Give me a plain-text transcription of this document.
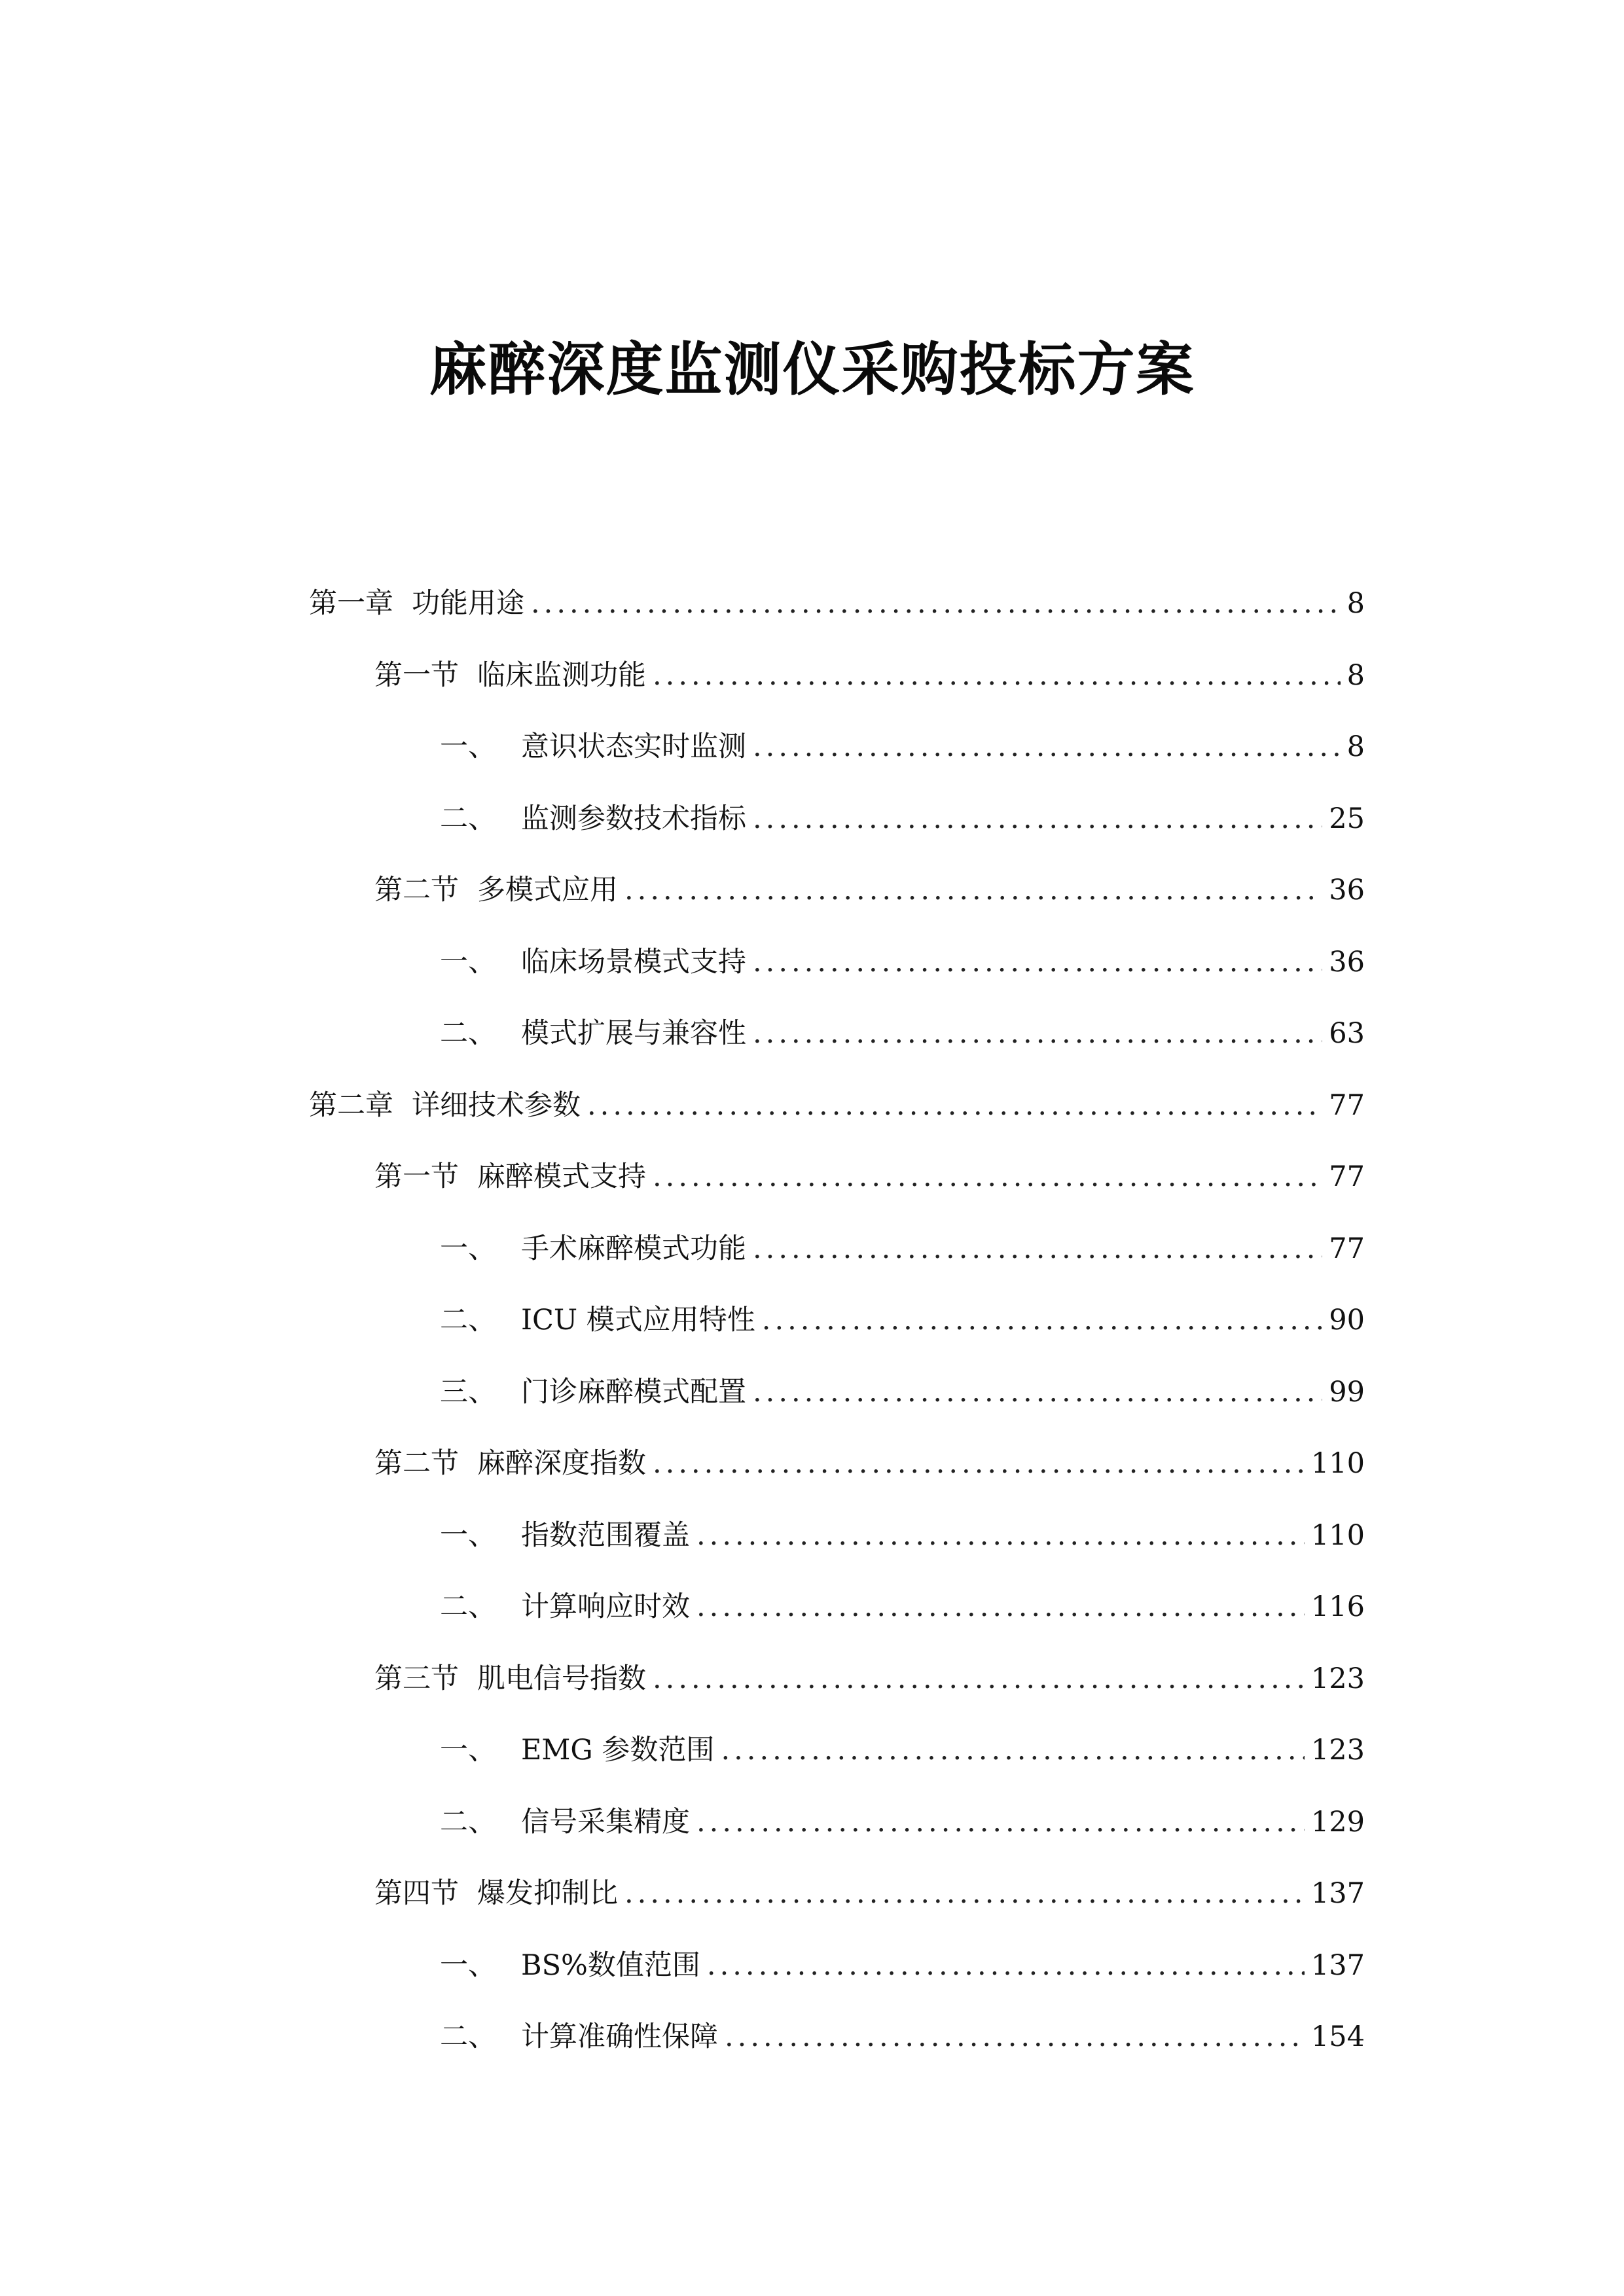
麻醉深度监测仪采购投标方案
第一章 功能用途 .....	8
第一节 临床监测功能 .....	8
一、 意识状态实时监测 .....	8
二、 监测参数技术指标 .....	25
第二节 多模式应用 .....	36
一、 临床场景模式支持 .....	36
二、 模式扩展与兼容性 .....	63
第二章 详细技术参数 .....	77
第一节 麻醉模式支持 .....	77
一、 手术麻醉模式功能 .....	77
二、 ICU 模式应用特性 .....	90
三、 门诊麻醉模式配置 .....	99
第二节 麻醉深度指数 .....	110
一、 指数范围覆盖 .....	110
二、 计算响应时效 .....	116
第三节 肌电信号指数 .....	123
一、 EMG 参数范围 .....	123
二、 信号采集精度 .....	129
第四节 爆发抑制比 .....	137
一、 BS%数值范围 .....	137
二、 计算准确性保障 .....	154
